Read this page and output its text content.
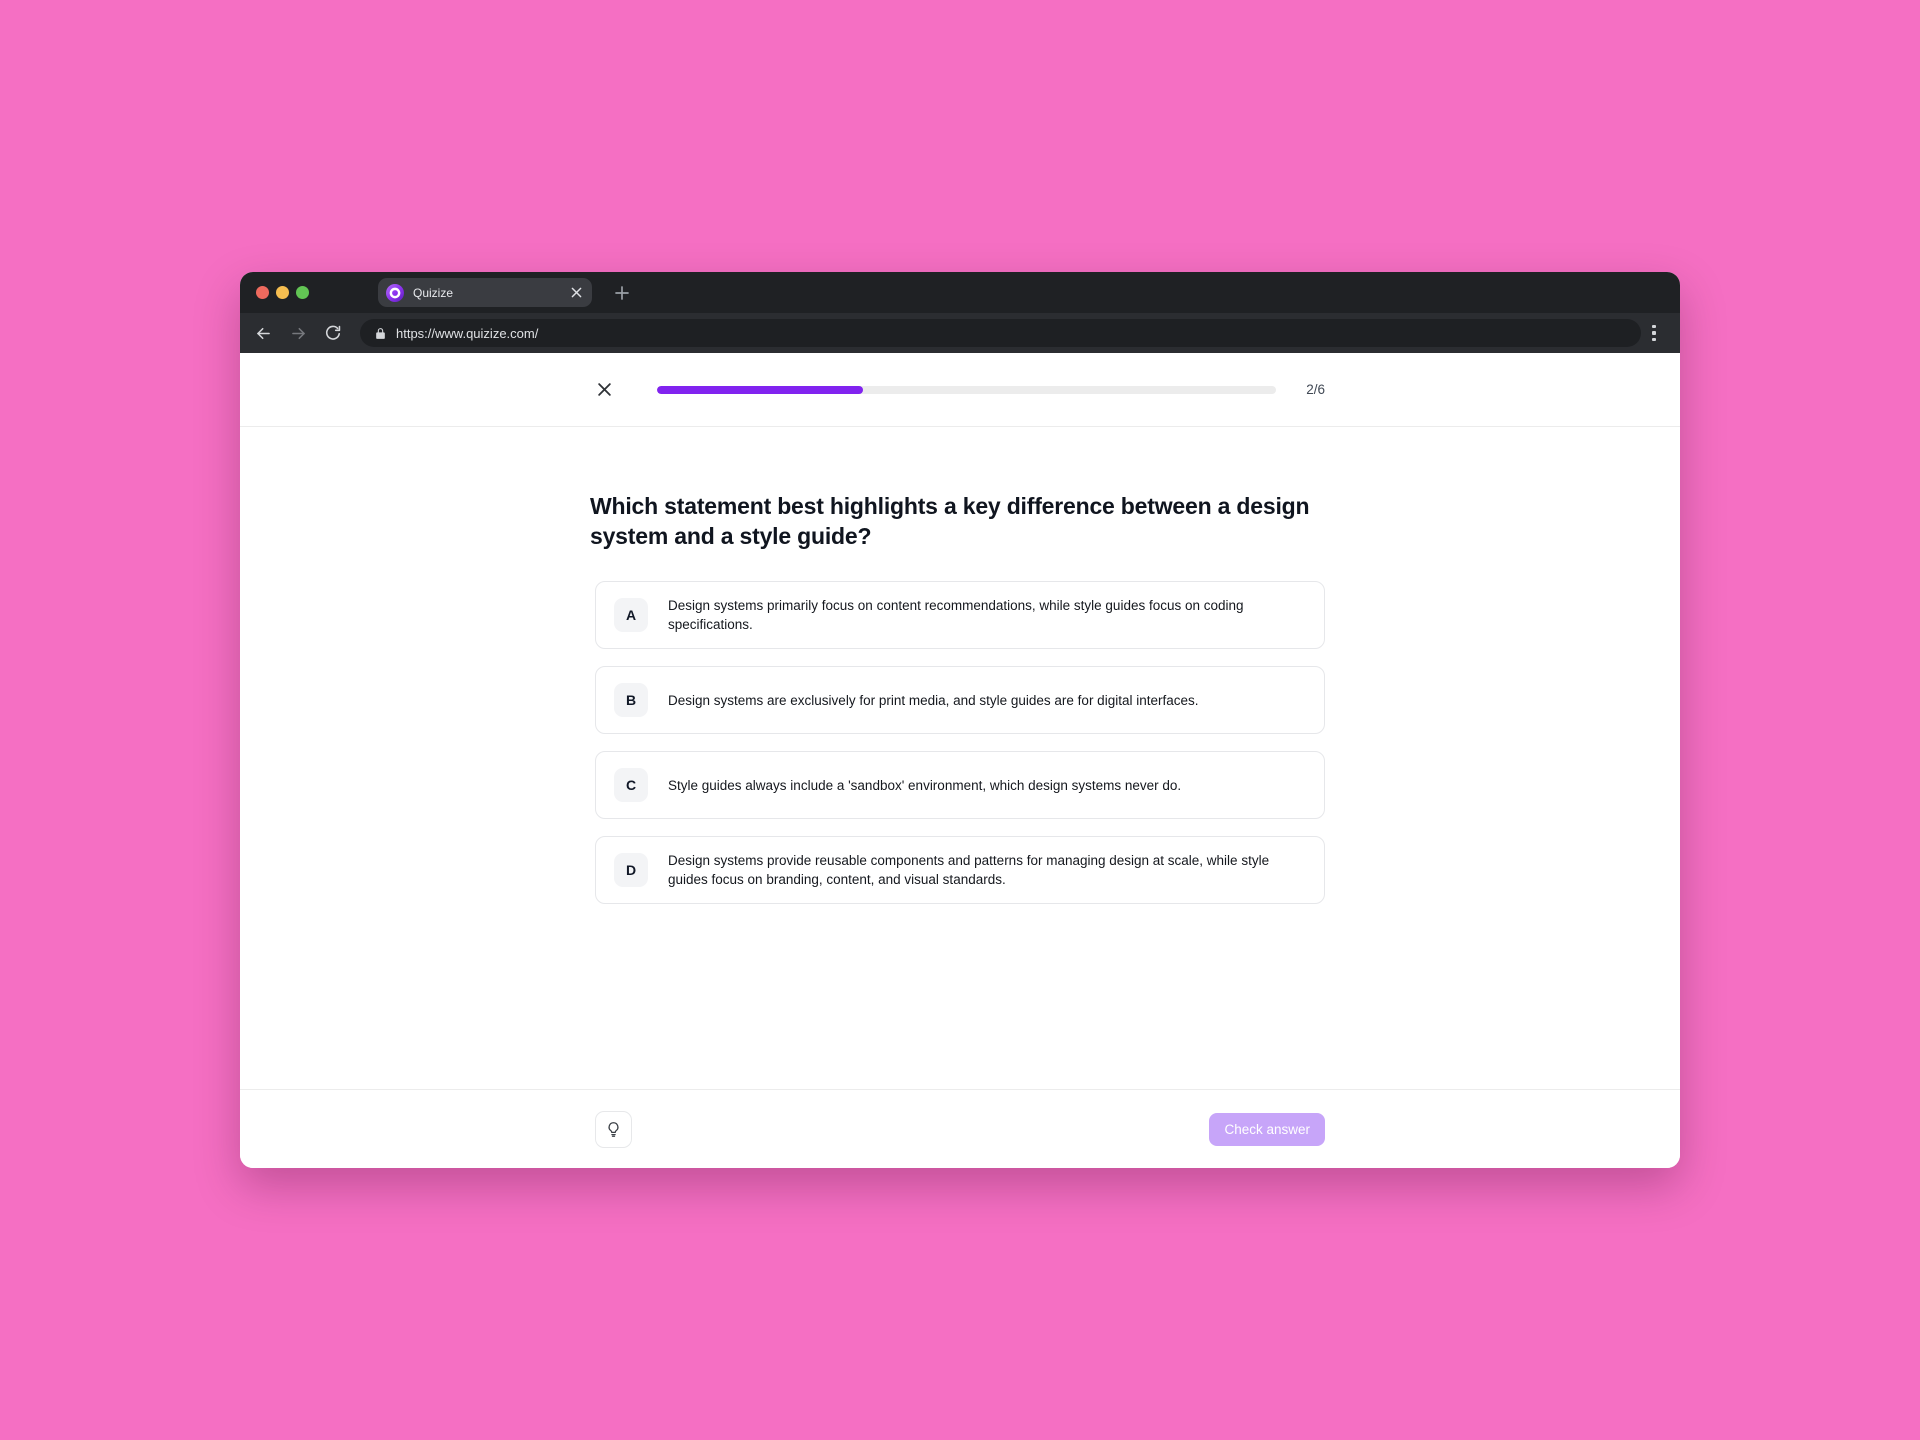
Quizize
https://www.quizize.com/
2/6
Which statement best highlights a key difference between a design system and a style guide?
A
Design systems primarily focus on content recommendations, while style guides focus on coding specifications.
B	Design systems are exclusively for print media, and style guides are for digital interfaces.
C	Style guides always include a 'sandbox' environment, which design systems never do.
D
Design systems provide reusable components and patterns for managing design at scale, while style guides focus on branding, content, and visual standards.
Check answer
